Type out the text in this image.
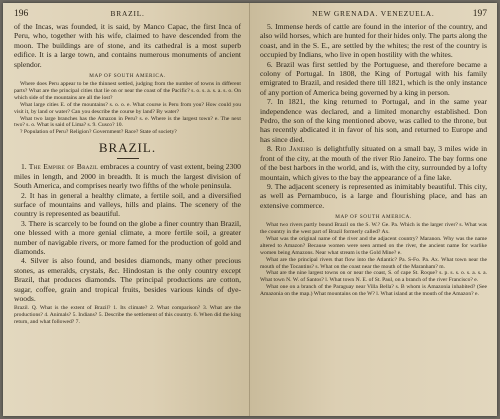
196	BRAZIL.

of the Incas, was founded, it is said, by Manco Capac, the first Inca of Peru, who, together with his wife, claimed to have descended from the moon. The buildings are of stone, and its cathedral is a most superb edifice. It is a large town, and contains numerous monuments of ancient splendor.

MAP OF SOUTH AMERICA.

Where does Peru appear to be the thinnest settled, judging from the number of towns in different parts? What are the principal cities that lie on or near the coast of the Pacific? s. o. s. a. s. a. s. o. On which side of the mountains are all the lost?

What large cities E. of the mountains? s. o. o. e. What course is Peru from you? How could you visit it, by land or water? Can you describe the course by land? By water?

What two large branches has the Amazon in Peru? s. e. Where is the largest town? e. The next two? s. o. What is said of Lima? s. 9. Cusco? 10.

? Population of Peru? Religion? Government? Race? State of society?

BRAZIL.

1. The Empire of Brazil embraces a country of vast extent, being 2300 miles in length, and 2000 in breadth. It is much the largest division of South America, and comprises nearly two fifths of the whole peninsula.

2. It has in general a healthy climate, a fertile soil, and a diversified surface of mountains and valleys, hills and plains. The scenery of the country is represented as beautiful.

3. There is scarcely to be found on the globe a finer country than Brazil, one blessed with a more genial climate, a more fertile soil, a greater number of navigable rivers, or more famed for the production of gold and diamonds.

4. Silver is also found, and besides diamonds, many other precious stones, as emeralds, crystals, &c. Hindostan is the only country except Brazil, that produces diamonds. The principal productions are cotton, sugar, coffee, grain and tropical fruits, besides various kinds of dye-woods.

Brazil. Q. What is the extent of Brazil? 1. Its climate? 2. What comparison? 3. What are the productions? 4. Animals? 5. Indians? 5. Describe the settlement of this country. 6. When did the king return, and what followed? 7.

NEW GRENADA. VENEZUELA.	197

5. Immense herds of cattle are found in the interior of the country, and also wild horses, which are hunted for their hides only. The parts along the coast, and in the S. E., are settled by the whites; the rest of the country is occupied by Indians, who live in open hostility with the whites.

6. Brazil was first settled by the Portuguese, and therefore became a colony of Portugal. In 1808, the King of Portugal with his family emigrated to Brazil, and resided there till 1821, which is the only instance of any portion of America being governed by a king in person.

7. In 1821, the king returned to Portugal, and in the same year independence was declared, and a limited monarchy established. Don Pedro, the son of the king mentioned above, was called to the throne, but has recently abdicated it in favor of his son, and returned to Europe and has since died.

8. Rio Janeiro is delightfully situated on a small bay, 3 miles wide in front of the city, at the mouth of the river Rio Janeiro. The bay forms one of the best harbors in the world, and is, with the city, surrounded by a lofty mountain, which gives to the bay the appearance of a fine lake.

9. The adjacent scenery is represented as inimitably beautiful. This city, as well as Pernambuco, is a large and flourishing place, and has an extensive commerce.

MAP OF SOUTH AMERICA.

What two rivers partly bound Brazil on the S. W.? Ge. Pa. Which is the larger river? s. What was the country in the west part of Brazil formerly called? Ax.

What was the original name of the river and the adjacent country? Maranon. Why was the name altered to Amazon? Because women were seen armed on the river, the ancient name for warlike women being Amazons. Near what stream is the Gold Mine? e.

What are the principal rivers that flow into the Atlantic? Pa. S-Fo. Pa. Ax. What town near the mouth of the Tocantins? s. What on the coast near the mouth of the Maranham? m.

What are the nine largest towns on or near the coast, S. of cape St. Roque? s. p. s. s. o. s. a. s. a. What town N. W. of Santos? l. What town N. E. of St. Paul, on a branch of the river Francisco? e.

What one on a branch of the Paraguay near Villa Bella? s. B whom is Amazonia inhabited? (See Amazonia on the map.) What mountains on the W? l. What island at the mouth of the Amazon? e.
